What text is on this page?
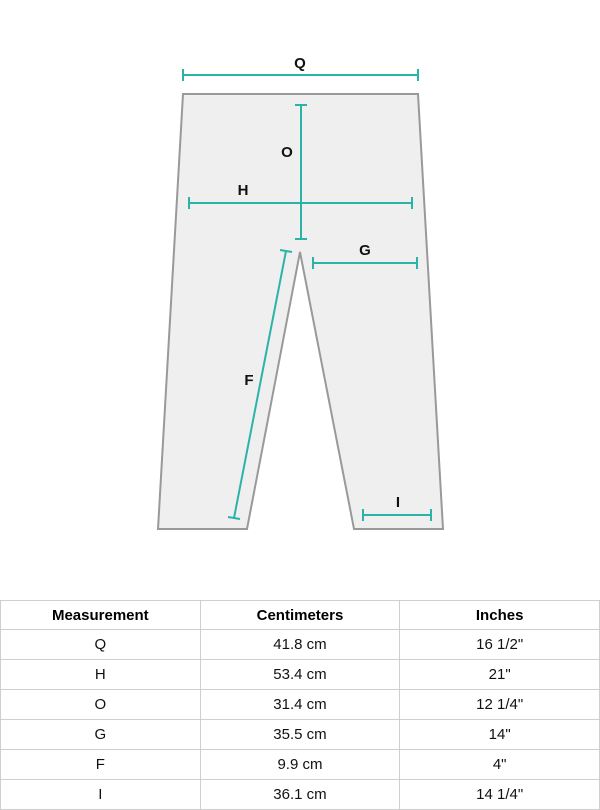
Q
O
H
G
F
I
Measurement	Centimeters	Inches
Q	41.8 cm	16 1/2"
H	53.4 cm	21"
O	31.4 cm	12 1/4"
G	35.5 cm	14"
F	9.9 cm	4"
I	36.1 cm	14 1/4"
